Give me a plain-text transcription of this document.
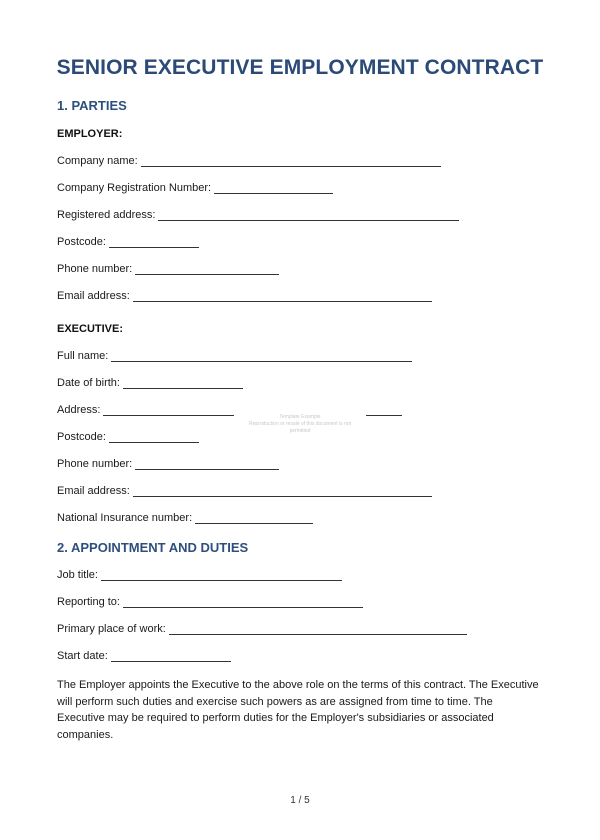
SENIOR EXECUTIVE EMPLOYMENT CONTRACT
1. PARTIES
EMPLOYER:
Company name:
Company Registration Number:
Registered address:
Postcode:
Phone number:
Email address:
EXECUTIVE:
Full name:
Date of birth:
Address:
Postcode:
Phone number:
Email address:
National Insurance number:
2. APPOINTMENT AND DUTIES
Job title:
Reporting to:
Primary place of work:
Start date:
The Employer appoints the Executive to the above role on the terms of this contract. The Executive will perform such duties and exercise such powers as are assigned from time to time. The Executive may be required to perform duties for the Employer's subsidiaries or associated companies.
Template Example
Reproduction or resale of this document is not permitted
1 / 5
